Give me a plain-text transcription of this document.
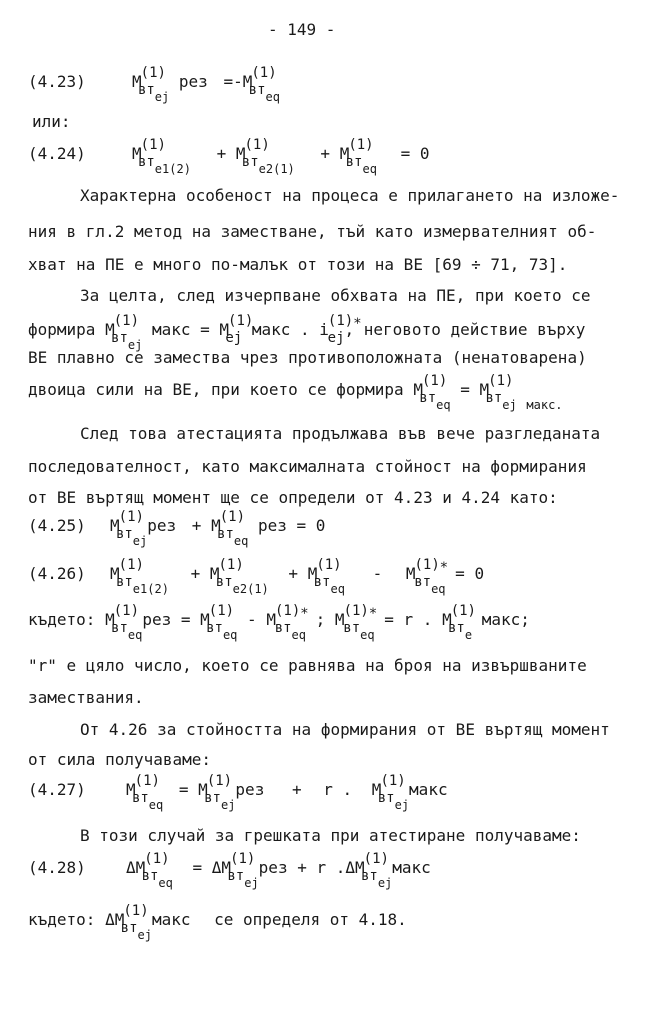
- 149 -
(4.23)	$M(1)вт_{ej}$ рез $=-M(1)вт_{eq}$
или:
(4.24)	$M(1)вт_{e1(2)} + M(1)вт_{e2(1)} + M(1)вт_{eq} = 0$
Характерна особеност на процеса е прилагането на изложе-
ния в гл.2 метод на заместване, тъй като измервателният об-
хват на ПЕ е много по-малък от този на ВЕ [69 ÷ 71, 73].
За целта, след изчерпване обхвата на ПЕ, при което се
формира $M(1)вт_{ej}$ макс = M(1)ej макс . i(1)∗ej, неговото действие върху
ВЕ плавно се замества чрез противоположната (ненатоварена)
двоица сили на ВЕ, при което се формира $M(1)вт_{eq} = M(1)вт_{ej}$ $_{макс.}$
След това атестацията продължава във вече разгледаната
последователност, като максималната стойност на формирания
от ВЕ въртящ момент ще се определи от 4.23 и 4.24 като:
(4.25) $M(1)вт_{ej}рез + M(1)вт_{eq}$ рез = 0
(4.26) $M(1)вт_{e1(2)} + M(1)вт_{e2(1)} + M(1)вт_{eq}$ - $M(1)∗вт_{eq} = 0$
където: $M(1)вт_{eq}рез = M(1)вт_{eq}$ - $M(1)∗вт_{eq}$ ; $M(1)∗вт_{eq} = r$ . $M(1)вт_e$ макс;
"r" е цяло число, което се равнява на броя на извършваните
замествания.
От 4.26 за стойността на формирания от ВЕ въртящ момент
от сила получаваме:
(4.27)	$M(1)вт_{eq} = M(1)вт_{ej}рез + r$ . $M(1)вт_{ej}макс$
В този случай за грешката при атестиране получаваме:
(4.28)	$\Delta M(1)вт_{eq} = \Delta M(1)вт_{ej}рез + r$ $.\Delta M(1)вт_{ej}макс$
където: $\Delta M(1)вт_{ej}макс$ се определя от 4.18.
